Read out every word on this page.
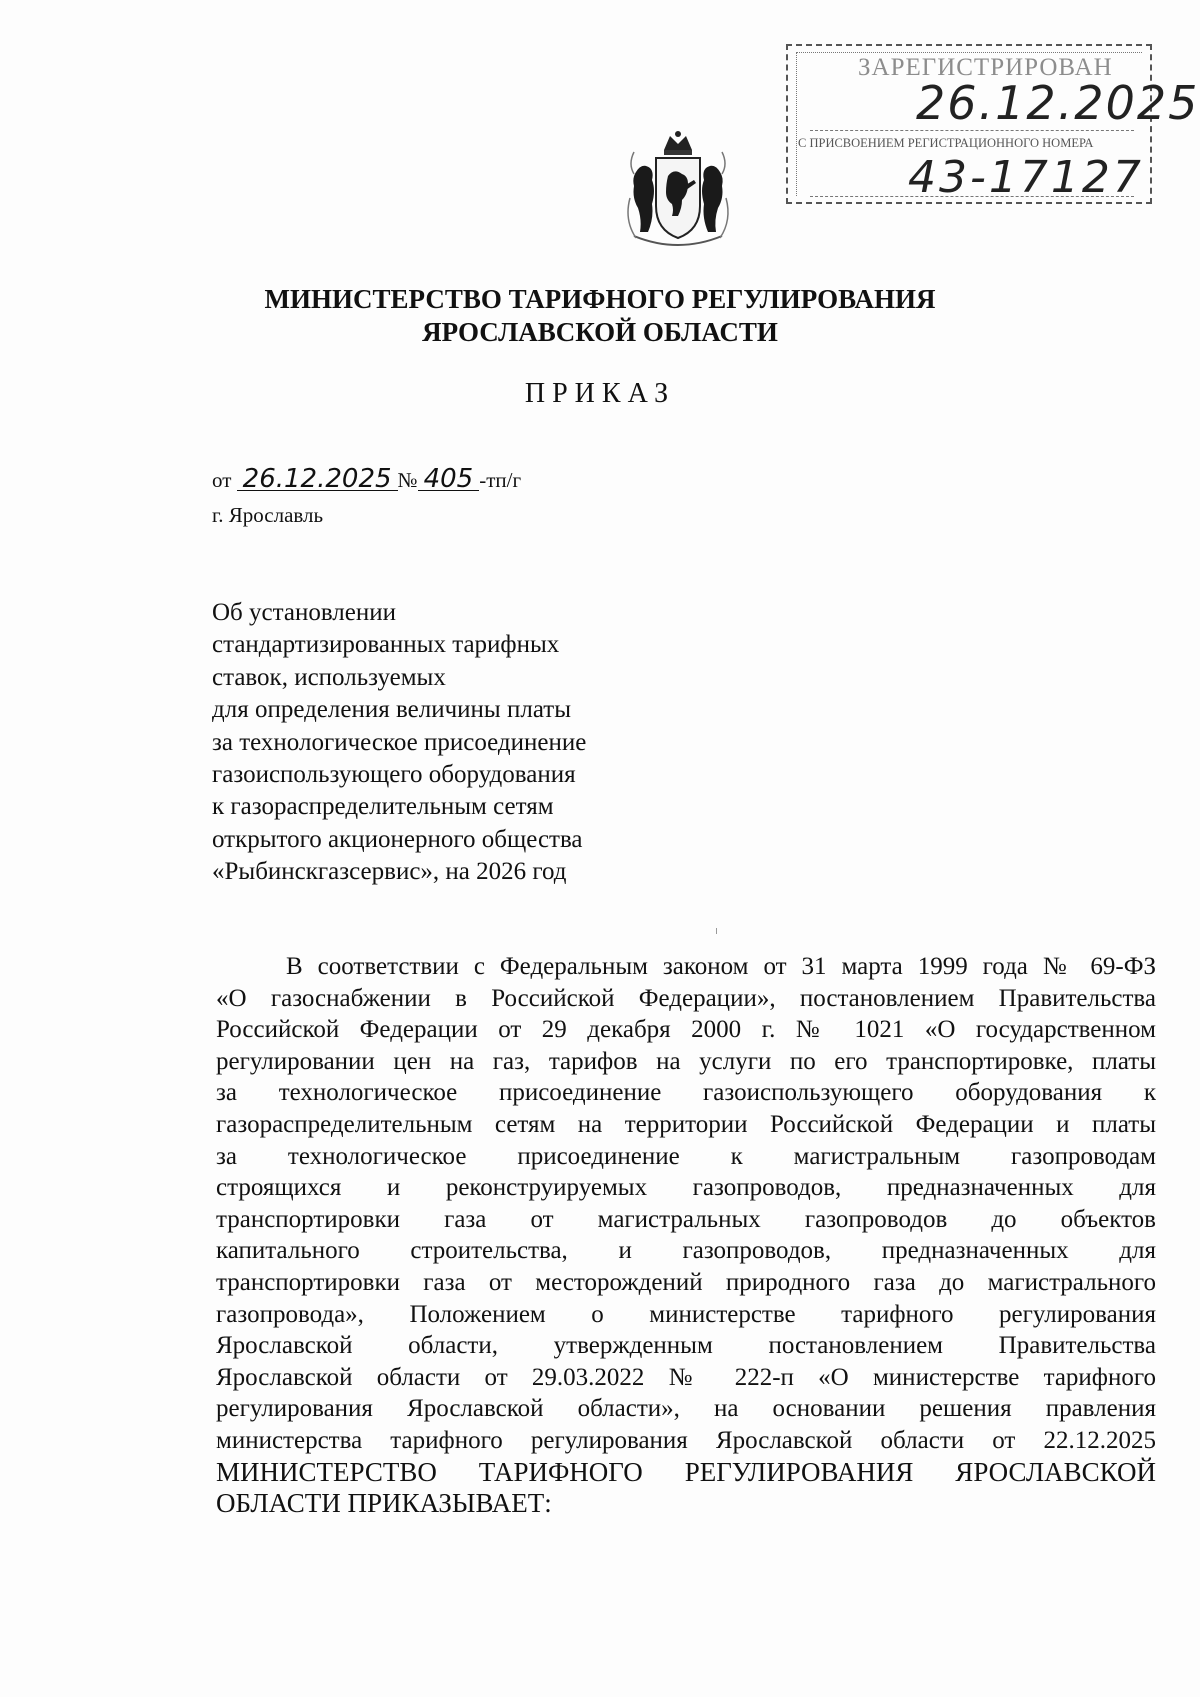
ЗАРЕГИСТРИРОВАН
26.12.2025
С ПРИСВОЕНИЕМ РЕГИСТРАЦИОННОГО НОМЕРА
43-17127
МИНИСТЕРСТВО ТАРИФНОГО РЕГУЛИРОВАНИЯ
ЯРОСЛАВСКОЙ ОБЛАСТИ
ПРИКАЗ
от 26.12.2025 № 405 -тп/г
г. Ярославль
Об установлении
стандартизированных тарифных
ставок, используемых
для определения величины платы
за технологическое присоединение
газоиспользующего оборудования
к газораспределительным сетям
открытого акционерного общества
«Рыбинскгазсервис», на 2026 год
В соответствии с Федеральным законом от 31 марта 1999 года № 69-ФЗ
«О газоснабжении в Российской Федерации», постановлением Правительства
Российской Федерации от 29 декабря 2000 г. № 1021 «О государственном
регулировании цен на газ, тарифов на услуги по его транспортировке, платы
за технологическое присоединение газоиспользующего оборудования к
газораспределительным сетям на территории Российской Федерации и платы
за технологическое присоединение к магистральным газопроводам
строящихся и реконструируемых газопроводов, предназначенных для
транспортировки газа от магистральных газопроводов до объектов
капитального строительства, и газопроводов, предназначенных для
транспортировки газа от месторождений природного газа до магистрального
газопровода», Положением о министерстве тарифного регулирования
Ярославской области, утвержденным постановлением Правительства
Ярославской области от 29.03.2022 № 222-п «О министерстве тарифного
регулирования Ярославской области», на основании решения правления
министерства тарифного регулирования Ярославской области от 22.12.2025
МИНИСТЕРСТВО ТАРИФНОГО РЕГУЛИРОВАНИЯ ЯРОСЛАВСКОЙ
ОБЛАСТИ ПРИКАЗЫВАЕТ:
